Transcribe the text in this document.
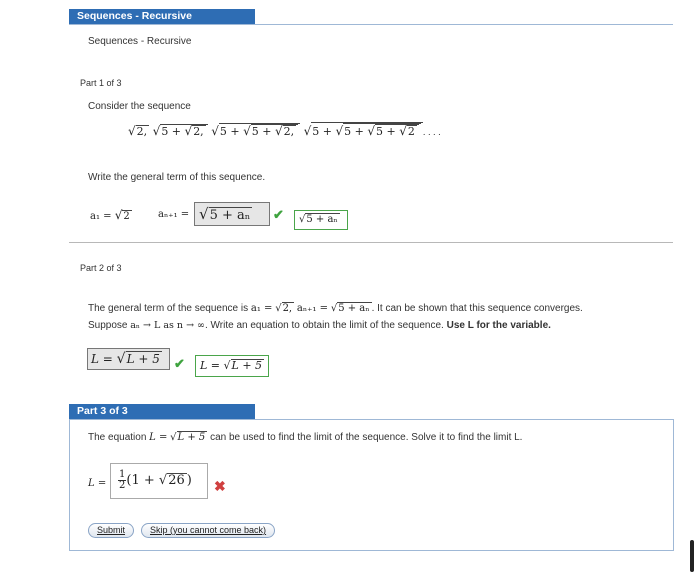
Sequences - Recursive
Sequences - Recursive
Part 1 of 3
Consider the sequence
√2, √5 + √2, √5 + √5 + √2, √5 + √5 + √5 + √2 . . . .
Write the general term of this sequence.
a₁ = √2	aₙ₊₁ = √5 + aₙ	✔	√5 + aₙ
Part 2 of 3
The general term of the sequence is a₁ = √2, aₙ₊₁ = √5 + aₙ . It can be shown that this sequence converges.
Suppose aₙ → L as n → ∞. Write an equation to obtain the limit of the sequence. Use L for the variable.
L = √L + 5	✔	L = √L + 5
Part 3 of 3
The equation L = √L + 5 can be used to find the limit of the sequence. Solve it to find the limit L.
$L = \frac{1}{2} (1 + √26$ ) ✖
Submit	Skip (you cannot come back)
